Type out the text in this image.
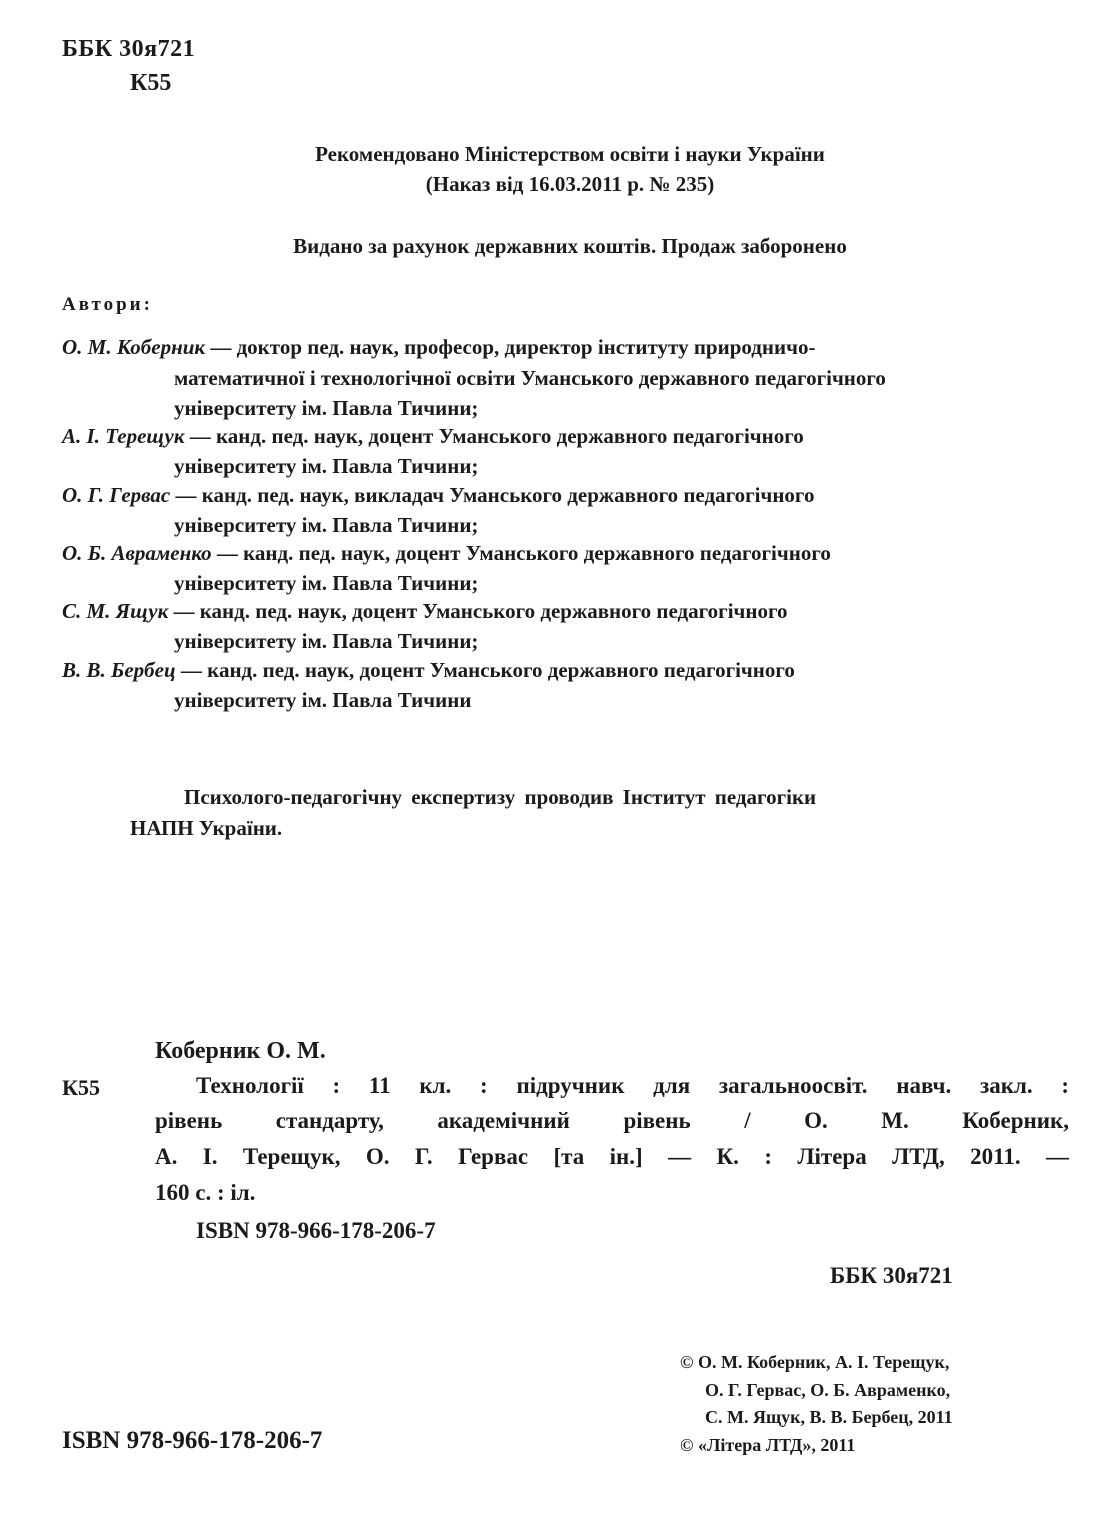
ББК 30я721
К55
Рекомендовано Міністерством освіти і науки України
(Наказ від 16.03.2011 р. № 235)
Видано за рахунок державних коштів. Продаж заборонено
Автори:
О. М. Коберник — доктор пед. наук, професор, директор інституту природничо-
математичної і технологічної освіти Уманського державного педагогічного
університету ім. Павла Тичини;
А. І. Терещук — канд. пед. наук, доцент Уманського державного педагогічного
університету ім. Павла Тичини;
О. Г. Гервас — канд. пед. наук, викладач Уманського державного педагогічного
університету ім. Павла Тичини;
О. Б. Авраменко — канд. пед. наук, доцент Уманського державного педагогічного
університету ім. Павла Тичини;
С. М. Ящук — канд. пед. наук, доцент Уманського державного педагогічного
університету ім. Павла Тичини;
В. В. Бербец — канд. пед. наук, доцент Уманського державного педагогічного
університету ім. Павла Тичини
Психолого-педагогічну експертизу проводив Інститут педагогіки
НАПН України.
Коберник О. М.
К55	Технології : 11 кл. : підручник для загальноосвіт. навч. закл. :
рівень стандарту, академічний рівень / О. М. Коберник,
А. І. Терещук, О. Г. Гервас [та ін.] — К. : Літера ЛТД, 2011. —
160 с. : іл.
ISBN 978-966-178-206-7
ББК 30я721
© О. М. Коберник, А. І. Терещук,
О. Г. Гервас, О. Б. Авраменко,
С. М. Ящук, В. В. Бербец, 2011
© «Літера ЛТД», 2011
ISBN 978-966-178-206-7
